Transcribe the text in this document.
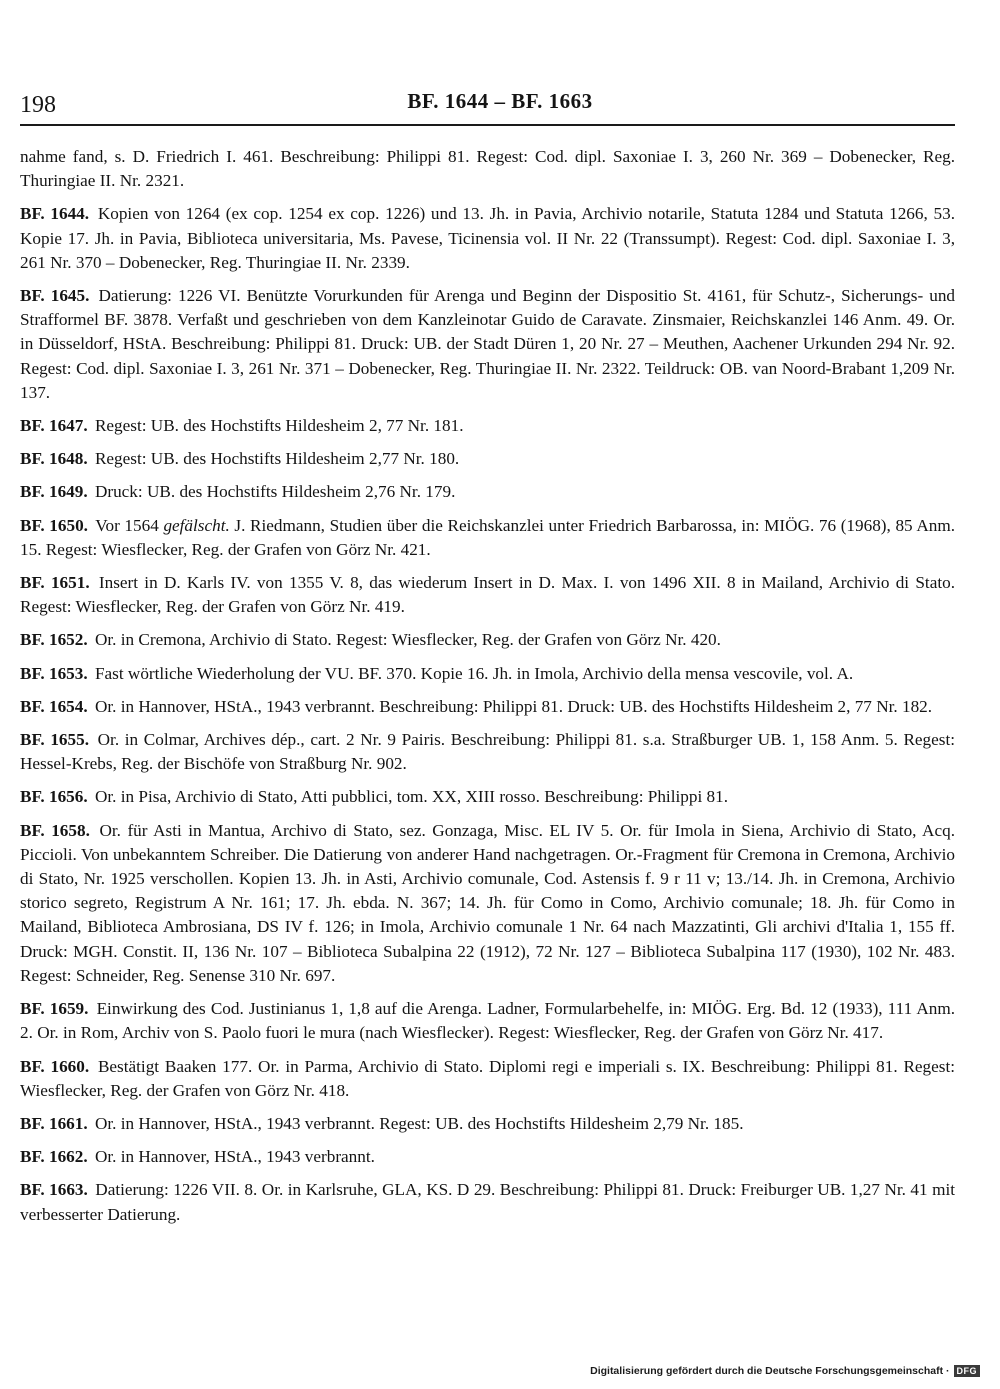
198	BF. 1644 – BF. 1663

nahme fand, s. D. Friedrich I. 461. Beschreibung: Philippi 81. Regest: Cod. dipl. Saxoniae I. 3, 260 Nr. 369 – Dobenecker, Reg. Thuringiae II. Nr. 2321.

BF. 1644. Kopien von 1264 (ex cop. 1254 ex cop. 1226) und 13. Jh. in Pavia, Archivio notarile, Statuta 1284 und Statuta 1266, 53. Kopie 17. Jh. in Pavia, Biblioteca universitaria, Ms. Pavese, Ticinensia vol. II Nr. 22 (Transsumpt). Regest: Cod. dipl. Saxoniae I. 3, 261 Nr. 370 – Dobenecker, Reg. Thuringiae II. Nr. 2339.

BF. 1645. Datierung: 1226 VI. Benützte Vorurkunden für Arenga und Beginn der Dispositio St. 4161, für Schutz-, Sicherungs- und Strafformel BF. 3878. Verfaßt und geschrieben von dem Kanzleinotar Guido de Caravate. Zinsmaier, Reichskanzlei 146 Anm. 49. Or. in Düsseldorf, HStA. Beschreibung: Philippi 81. Druck: UB. der Stadt Düren 1, 20 Nr. 27 – Meuthen, Aachener Urkunden 294 Nr. 92. Regest: Cod. dipl. Saxoniae I. 3, 261 Nr. 371 – Dobenecker, Reg. Thuringiae II. Nr. 2322. Teildruck: OB. van Noord-Brabant 1,209 Nr. 137.

BF. 1647. Regest: UB. des Hochstifts Hildesheim 2, 77 Nr. 181.

BF. 1648. Regest: UB. des Hochstifts Hildesheim 2,77 Nr. 180.

BF. 1649. Druck: UB. des Hochstifts Hildesheim 2,76 Nr. 179.

BF. 1650. Vor 1564 gefälscht. J. Riedmann, Studien über die Reichskanzlei unter Friedrich Barbarossa, in: MIÖG. 76 (1968), 85 Anm. 15. Regest: Wiesflecker, Reg. der Grafen von Görz Nr. 421.

BF. 1651. Insert in D. Karls IV. von 1355 V. 8, das wiederum Insert in D. Max. I. von 1496 XII. 8 in Mailand, Archivio di Stato. Regest: Wiesflecker, Reg. der Grafen von Görz Nr. 419.

BF. 1652. Or. in Cremona, Archivio di Stato. Regest: Wiesflecker, Reg. der Grafen von Görz Nr. 420.

BF. 1653. Fast wörtliche Wiederholung der VU. BF. 370. Kopie 16. Jh. in Imola, Archivio della mensa vescovile, vol. A.

BF. 1654. Or. in Hannover, HStA., 1943 verbrannt. Beschreibung: Philippi 81. Druck: UB. des Hochstifts Hildesheim 2, 77 Nr. 182.

BF. 1655. Or. in Colmar, Archives dép., cart. 2 Nr. 9 Pairis. Beschreibung: Philippi 81. s.a. Straßburger UB. 1, 158 Anm. 5. Regest: Hessel-Krebs, Reg. der Bischöfe von Straßburg Nr. 902.

BF. 1656. Or. in Pisa, Archivio di Stato, Atti pubblici, tom. XX, XIII rosso. Beschreibung: Philippi 81.

BF. 1658. Or. für Asti in Mantua, Archivo di Stato, sez. Gonzaga, Misc. EL IV 5. Or. für Imola in Siena, Archivio di Stato, Acq. Piccioli. Von unbekanntem Schreiber. Die Datierung von anderer Hand nachgetragen. Or.-Fragment für Cremona in Cremona, Archivio di Stato, Nr. 1925 verschollen. Kopien 13. Jh. in Asti, Archivio comunale, Cod. Astensis f. 9 r 11 v; 13./14. Jh. in Cremona, Archivio storico segreto, Registrum A Nr. 161; 17. Jh. ebda. N. 367; 14. Jh. für Como in Como, Archivio comunale; 18. Jh. für Como in Mailand, Biblioteca Ambrosiana, DS IV f. 126; in Imola, Archivio comunale 1 Nr. 64 nach Mazzatinti, Gli archivi d'Italia 1, 155 ff. Druck: MGH. Constit. II, 136 Nr. 107 – Biblioteca Subalpina 22 (1912), 72 Nr. 127 – Biblioteca Subalpina 117 (1930), 102 Nr. 483. Regest: Schneider, Reg. Senense 310 Nr. 697.

BF. 1659. Einwirkung des Cod. Justinianus 1, 1,8 auf die Arenga. Ladner, Formularbehelfe, in: MIÖG. Erg. Bd. 12 (1933), 111 Anm. 2. Or. in Rom, Archiv von S. Paolo fuori le mura (nach Wiesflecker). Regest: Wiesflecker, Reg. der Grafen von Görz Nr. 417.

BF. 1660. Bestätigt Baaken 177. Or. in Parma, Archivio di Stato. Diplomi regi e imperiali s. IX. Beschreibung: Philippi 81. Regest: Wiesflecker, Reg. der Grafen von Görz Nr. 418.

BF. 1661. Or. in Hannover, HStA., 1943 verbrannt. Regest: UB. des Hochstifts Hildesheim 2,79 Nr. 185.

BF. 1662. Or. in Hannover, HStA., 1943 verbrannt.

BF. 1663. Datierung: 1226 VII. 8. Or. in Karlsruhe, GLA, KS. D 29. Beschreibung: Philippi 81. Druck: Freiburger UB. 1,27 Nr. 41 mit verbesserter Datierung.

Digitalisierung gefördert durch die Deutsche Forschungsgemeinschaft · DFG
